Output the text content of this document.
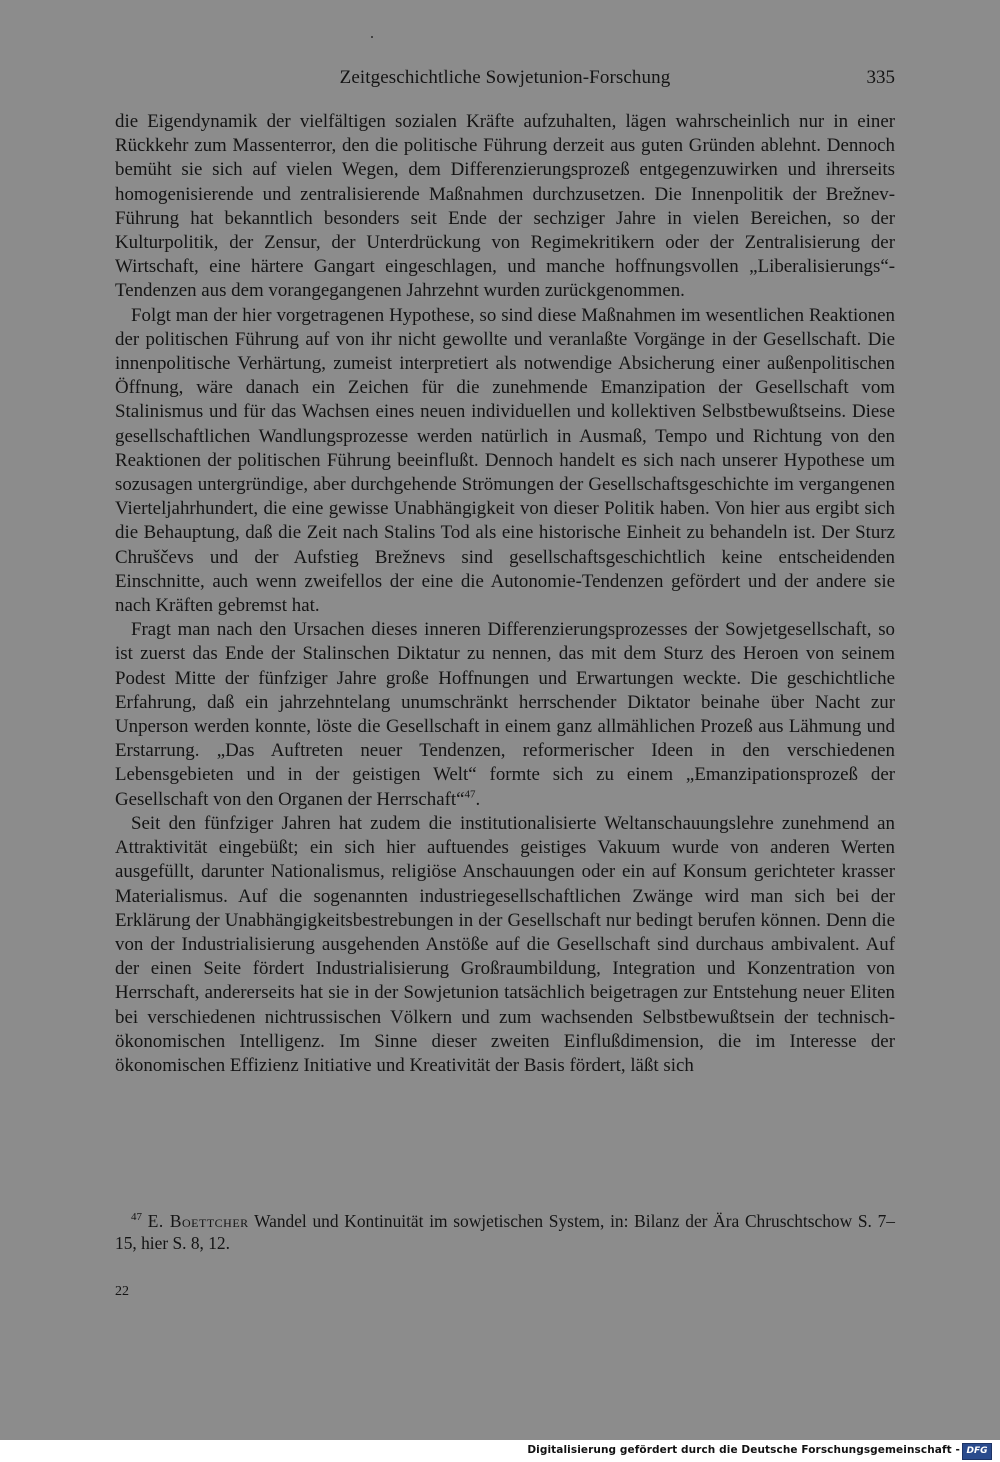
Zeitgeschichtliche Sowjetunion-Forschung	335

die Eigendynamik der vielfältigen sozialen Kräfte aufzuhalten, lägen wahrscheinlich nur in einer Rückkehr zum Massenterror, den die politische Führung derzeit aus guten Gründen ablehnt. Dennoch bemüht sie sich auf vielen Wegen, dem Differenzierungsprozeß entgegenzuwirken und ihrerseits homogenisierende und zentralisierende Maßnahmen durchzusetzen. Die Innenpolitik der Brežnev-Führung hat bekanntlich besonders seit Ende der sechziger Jahre in vielen Bereichen, so der Kulturpolitik, der Zensur, der Unterdrückung von Regimekritikern oder der Zentralisierung der Wirtschaft, eine härtere Gangart eingeschlagen, und manche hoffnungsvollen „Liberalisierungs“-Tendenzen aus dem vorangegangenen Jahrzehnt wurden zurückgenommen.

Folgt man der hier vorgetragenen Hypothese, so sind diese Maßnahmen im wesentlichen Reaktionen der politischen Führung auf von ihr nicht gewollte und veranlaßte Vorgänge in der Gesellschaft. Die innenpolitische Verhärtung, zumeist interpretiert als notwendige Absicherung einer außenpolitischen Öffnung, wäre danach ein Zeichen für die zunehmende Emanzipation der Gesellschaft vom Stalinismus und für das Wachsen eines neuen individuellen und kollektiven Selbstbewußtseins. Diese gesellschaftlichen Wandlungsprozesse werden natürlich in Ausmaß, Tempo und Richtung von den Reaktionen der politischen Führung beeinflußt. Dennoch handelt es sich nach unserer Hypothese um sozusagen untergründige, aber durchgehende Strömungen der Gesellschaftsgeschichte im vergangenen Vierteljahrhundert, die eine gewisse Unabhängigkeit von dieser Politik haben. Von hier aus ergibt sich die Behauptung, daß die Zeit nach Stalins Tod als eine historische Einheit zu behandeln ist. Der Sturz Chruščevs und der Aufstieg Brežnevs sind gesellschaftsgeschichtlich keine entscheidenden Einschnitte, auch wenn zweifellos der eine die Autonomie-Tendenzen gefördert und der andere sie nach Kräften gebremst hat.

Fragt man nach den Ursachen dieses inneren Differenzierungsprozesses der Sowjetgesellschaft, so ist zuerst das Ende der Stalinschen Diktatur zu nennen, das mit dem Sturz des Heroen von seinem Podest Mitte der fünfziger Jahre große Hoffnungen und Erwartungen weckte. Die geschichtliche Erfahrung, daß ein jahrzehntelang unumschränkt herrschender Diktator beinahe über Nacht zur Unperson werden konnte, löste die Gesellschaft in einem ganz allmählichen Prozeß aus Lähmung und Erstarrung. „Das Auftreten neuer Tendenzen, reformerischer Ideen in den verschiedenen Lebensgebieten und in der geistigen Welt“ formte sich zu einem „Emanzipationsprozeß der Gesellschaft von den Organen der Herrschaft“$^{47}$.

Seit den fünfziger Jahren hat zudem die institutionalisierte Weltanschauungslehre zunehmend an Attraktivität eingebüßt; ein sich hier auftuendes geistiges Vakuum wurde von anderen Werten ausgefüllt, darunter Nationalismus, religiöse Anschauungen oder ein auf Konsum gerichteter krasser Materialismus. Auf die sogenannten industriegesellschaftlichen Zwänge wird man sich bei der Erklärung der Unabhängigkeitsbestrebungen in der Gesellschaft nur bedingt berufen können. Denn die von der Industrialisierung ausgehenden Anstöße auf die Gesellschaft sind durchaus ambivalent. Auf der einen Seite fördert Industrialisierung Großraumbildung, Integration und Konzentration von Herrschaft, andererseits hat sie in der Sowjetunion tatsächlich beigetragen zur Entstehung neuer Eliten bei verschiedenen nichtrussischen Völkern und zum wachsenden Selbstbewußtsein der technisch-ökonomischen Intelligenz. Im Sinne dieser zweiten Einflußdimension, die im Interesse der ökonomischen Effizienz Initiative und Kreativität der Basis fördert, läßt sich

$^{47}$ E. Boettcher Wandel und Kontinuität im sowjetischen System, in: Bilanz der Ära Chruschtschow S. 7–15, hier S. 8, 12.

22
Digitalisierung gefördert durch die Deutsche Forschungsgemeinschaft - DFG
